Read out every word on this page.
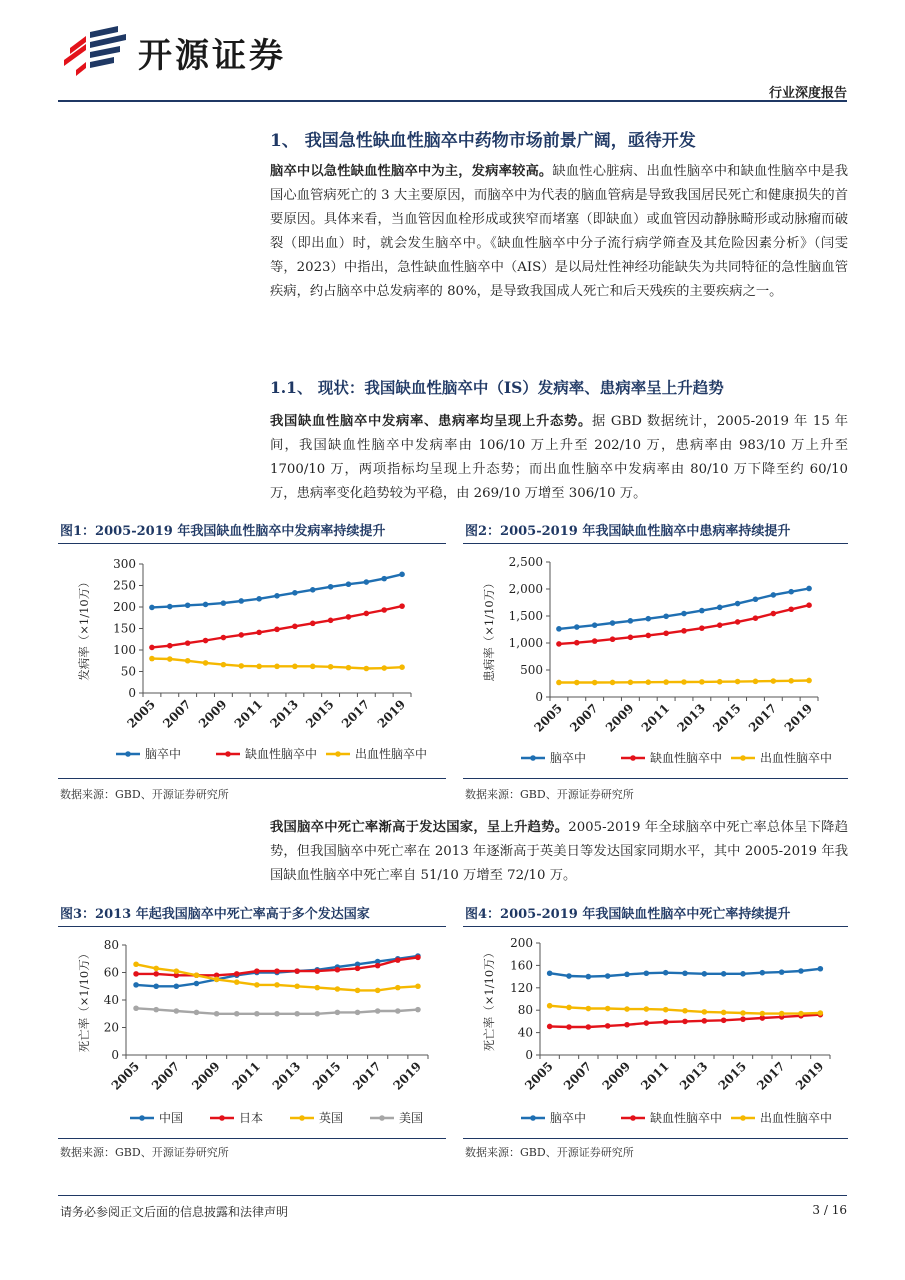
开源证券
行业深度报告
1、 我国急性缺血性脑卒中药物市场前景广阔，亟待开发
脑卒中以急性缺血性脑卒中为主，发病率较高。缺血性心脏病、出血性脑卒中和缺血性脑卒中是我国心血管病死亡的 3 大主要原因，而脑卒中为代表的脑血管病是导致我国居民死亡和健康损失的首要原因。具体来看，当血管因血栓形成或狭窄而堵塞（即缺血）或血管因动静脉畸形或动脉瘤而破裂（即出血）时，就会发生脑卒中。《缺血性脑卒中分子流行病学筛查及其危险因素分析》（闫雯等，2023）中指出，急性缺血性脑卒中（AIS）是以局灶性神经功能缺失为共同特征的急性脑血管疾病，约占脑卒中总发病率的 80%，是导致我国成人死亡和后天残疾的主要疾病之一。
1.1、 现状：我国缺血性脑卒中（IS）发病率、患病率呈上升趋势
我国缺血性脑卒中发病率、患病率均呈现上升态势。据 GBD 数据统计，2005-2019 年 15 年间，我国缺血性脑卒中发病率由 106/10 万上升至 202/10 万，患病率由 983/10 万上升至 1700/10 万，两项指标均呈现上升态势；而出血性脑卒中发病率由 80/10 万下降至约 60/10 万，患病率变化趋势较为平稳，由 269/10 万增至 306/10 万。
图1：2005-2019 年我国缺血性脑卒中发病率持续提升
0
50
100
150
200
250
300
发病率（×1/10万）
2005 2007 2009 2011 2013 2015 2017 2019
脑卒中	缺血性脑卒中	出血性脑卒中
数据来源：GBD、开源证券研究所
图2：2005-2019 年我国缺血性脑卒中患病率持续提升
0
500
1,000
1,500
2,000
2,500
患病率（×1/10万）
2005 2007 2009 2011 2013 2015 2017 2019
脑卒中	缺血性脑卒中	出血性脑卒中
数据来源：GBD、开源证券研究所
我国脑卒中死亡率渐高于发达国家，呈上升趋势。2005-2019 年全球脑卒中死亡率总体呈下降趋势，但我国脑卒中死亡率在 2013 年逐渐高于英美日等发达国家同期水平，其中 2005-2019 年我国缺血性脑卒中死亡率自 51/10 万增至 72/10 万。
图3：2013 年起我国脑卒中死亡率高于多个发达国家
0
20
40
60
80
死亡率（×1/10万）
2005 2007 2009 2011 2013 2015 2017 2019
中国	日本	英国	美国
数据来源：GBD、开源证券研究所
图4：2005-2019 年我国缺血性脑卒中死亡率持续提升
0
40
80
120
160
200
死亡率（×1/10万）
2005 2007 2009 2011 2013 2015 2017 2019
脑卒中	缺血性脑卒中	出血性脑卒中
数据来源：GBD、开源证券研究所
请务必参阅正文后面的信息披露和法律声明	3 / 16
